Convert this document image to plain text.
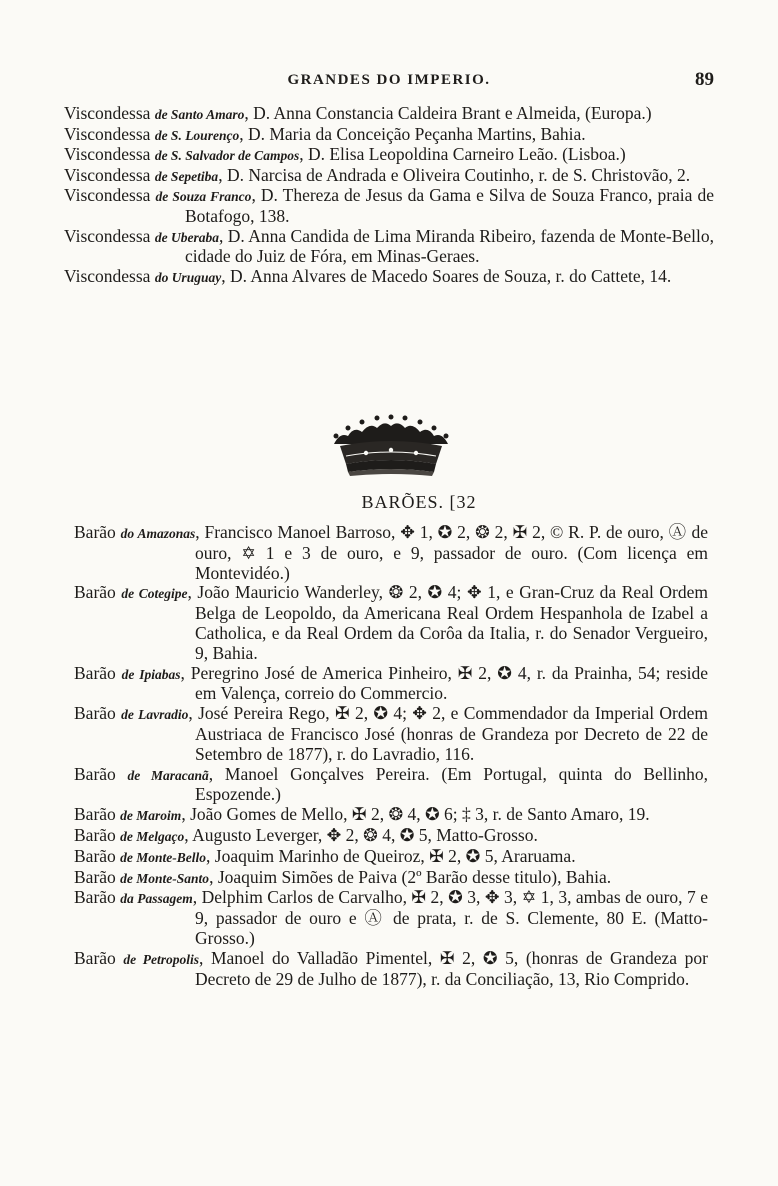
GRANDES DO IMPERIO.	89

Viscondessa de Santo Amaro, D. Anna Constancia Caldeira Brant e Almeida, (Europa.)

Viscondessa de S. Lourenço, D. Maria da Conceição Peçanha Martins, Bahia.

Viscondessa de S. Salvador de Campos, D. Elisa Leopoldina Carneiro Leão. (Lisboa.)

Viscondessa de Sepetiba, D. Narcisa de Andrada e Oliveira Coutinho, r. de S. Christovão, 2.

Viscondessa de Souza Franco, D. Thereza de Jesus da Gama e Silva de Souza Franco, praia de Botafogo, 138.

Viscondessa de Uberaba, D. Anna Candida de Lima Miranda Ribeiro, fazenda de Monte-Bello, cidade do Juiz de Fóra, em Minas-Geraes.

Viscondessa do Uruguay, D. Anna Alvares de Macedo Soares de Souza, r. do Cattete, 14.

BARÕES. [32

Barão do Amazonas, Francisco Manoel Barroso, ✥ 1, ✪ 2, ❂ 2, ✠ 2, © R. P. de ouro, Ⓐ de ouro, ✡ 1 e 3 de ouro, e 9, passador de ouro. (Com licença em Montevidéo.)

Barão de Cotegipe, João Mauricio Wanderley, ❂ 2, ✪ 4; ✥ 1, e Gran-Cruz da Real Ordem Belga de Leopoldo, da Americana Real Ordem Hespanhola de Izabel a Catholica, e da Real Ordem da Corôa da Italia, r. do Senador Vergueiro, 9, Bahia.

Barão de Ipiabas, Peregrino José de America Pinheiro, ✠ 2, ✪ 4, r. da Prainha, 54; reside em Valença, correio do Commercio.

Barão de Lavradio, José Pereira Rego, ✠ 2, ✪ 4; ✥ 2, e Commendador da Imperial Ordem Austriaca de Francisco José (honras de Grandeza por Decreto de 22 de Setembro de 1877), r. do Lavradio, 116.

Barão de Maracanã, Manoel Gonçalves Pereira. (Em Portugal, quinta do Bellinho, Espozende.)

Barão de Maroim, João Gomes de Mello, ✠ 2, ❂ 4, ✪ 6; ‡ 3, r. de Santo Amaro, 19.

Barão de Melgaço, Augusto Leverger, ✥ 2, ❂ 4, ✪ 5, Matto-Grosso.

Barão de Monte-Bello, Joaquim Marinho de Queiroz, ✠ 2, ✪ 5, Araruama.

Barão de Monte-Santo, Joaquim Simões de Paiva (2º Barão desse titulo), Bahia.

Barão da Passagem, Delphim Carlos de Carvalho, ✠ 2, ✪ 3, ✥ 3, ✡ 1, 3, ambas de ouro, 7 e 9, passador de ouro e Ⓐ de prata, r. de S. Clemente, 80 E. (Matto-Grosso.)

Barão de Petropolis, Manoel do Valladão Pimentel, ✠ 2, ✪ 5, (honras de Grandeza por Decreto de 29 de Julho de 1877), r. da Conciliação, 13, Rio Comprido.
